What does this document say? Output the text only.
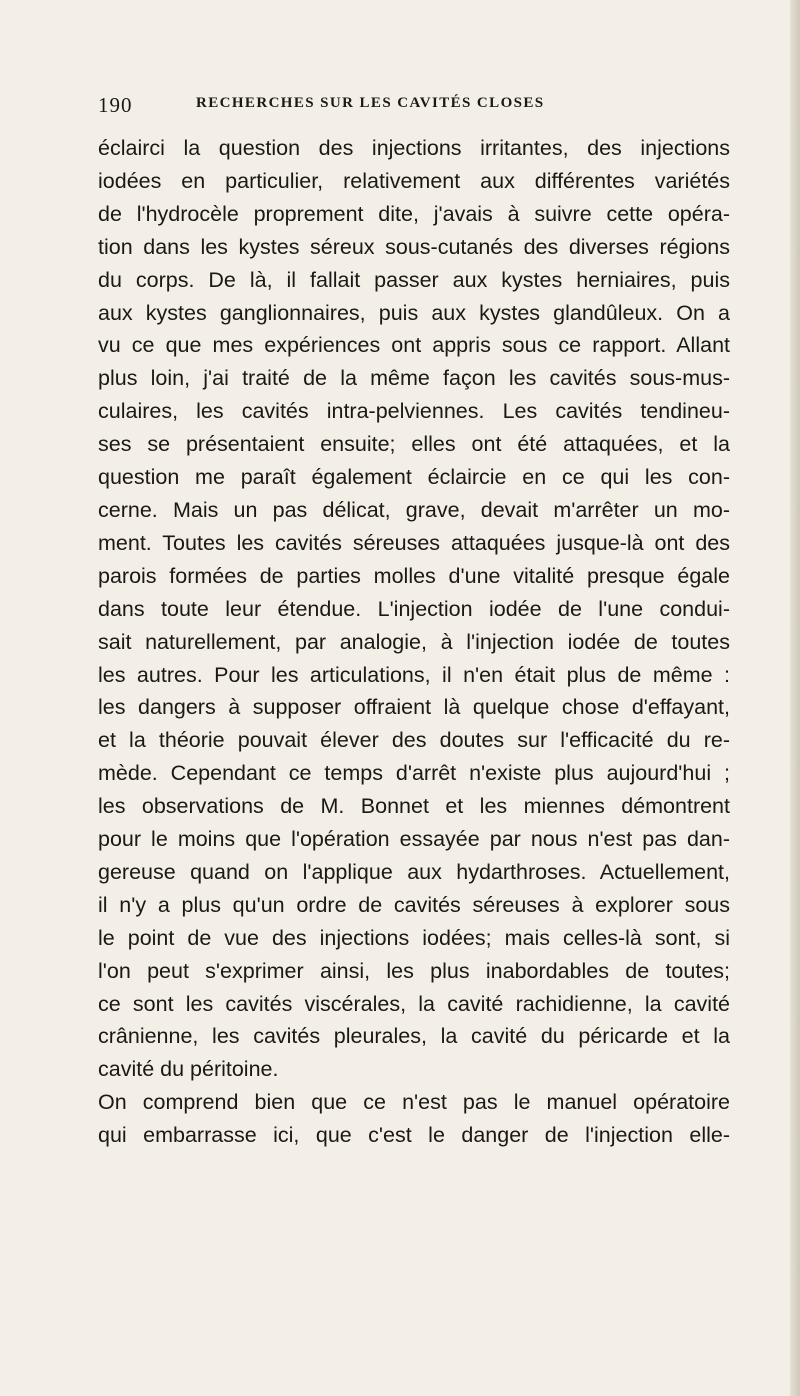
190	RECHERCHES SUR LES CAVITÉS CLOSES
éclairci la question des injections irritantes, des injections
iodées en particulier, relativement aux différentes variétés
de l'hydrocèle proprement dite, j'avais à suivre cette opéra-
tion dans les kystes séreux sous-cutanés des diverses régions
du corps. De là, il fallait passer aux kystes herniaires, puis
aux kystes ganglionnaires, puis aux kystes glandûleux. On a
vu ce que mes expériences ont appris sous ce rapport. Allant
plus loin, j'ai traité de la même façon les cavités sous-mus-
culaires, les cavités intra-pelviennes. Les cavités tendineu-
ses se présentaient ensuite; elles ont été attaquées, et la
question me paraît également éclaircie en ce qui les con-
cerne. Mais un pas délicat, grave, devait m'arrêter un mo-
ment. Toutes les cavités séreuses attaquées jusque-là ont des
parois formées de parties molles d'une vitalité presque égale
dans toute leur étendue. L'injection iodée de l'une condui-
sait naturellement, par analogie, à l'injection iodée de toutes
les autres. Pour les articulations, il n'en était plus de même :
les dangers à supposer offraient là quelque chose d'effayant,
et la théorie pouvait élever des doutes sur l'efficacité du re-
mède. Cependant ce temps d'arrêt n'existe plus aujourd'hui ;
les observations de M. Bonnet et les miennes démontrent
pour le moins que l'opération essayée par nous n'est pas dan-
gereuse quand on l'applique aux hydarthroses. Actuellement,
il n'y a plus qu'un ordre de cavités séreuses à explorer sous
le point de vue des injections iodées; mais celles-là sont, si
l'on peut s'exprimer ainsi, les plus inabordables de toutes;
ce sont les cavités viscérales, la cavité rachidienne, la cavité
crânienne, les cavités pleurales, la cavité du péricarde et la
cavité du péritoine.
On comprend bien que ce n'est pas le manuel opératoire
qui embarrasse ici, que c'est le danger de l'injection elle-
